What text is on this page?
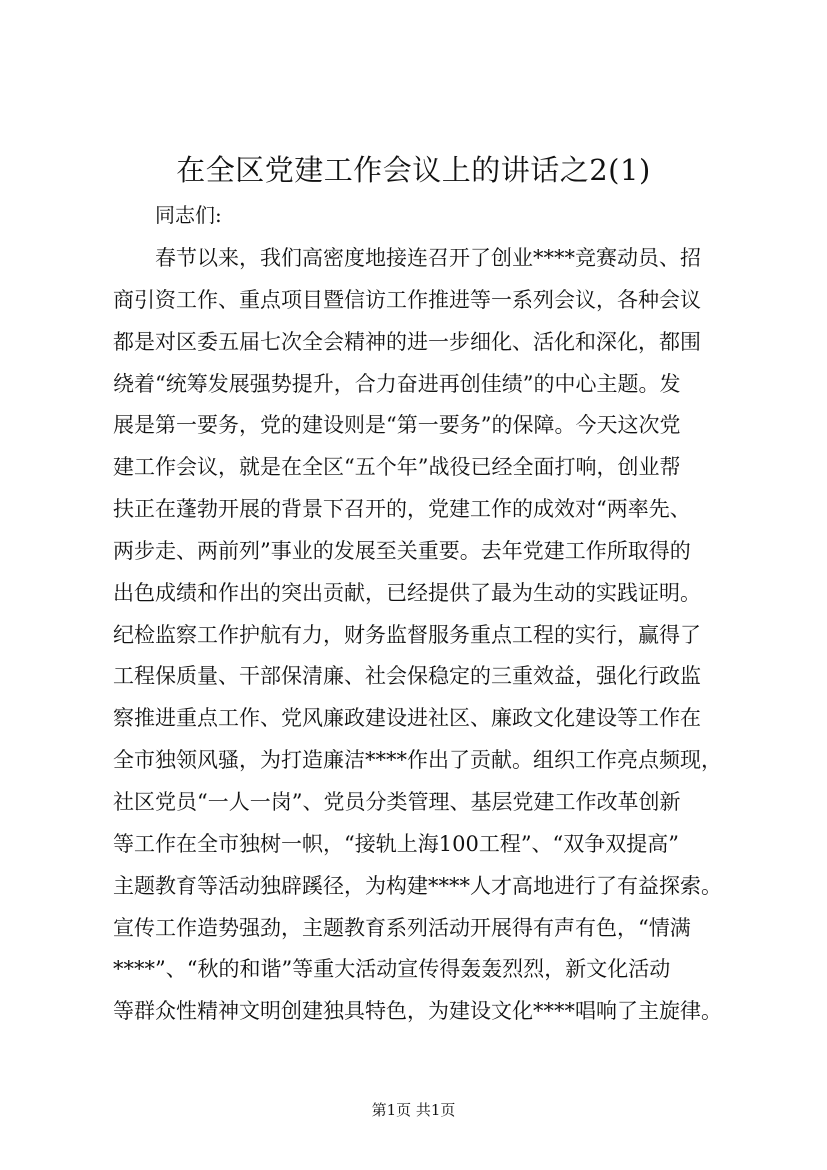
在全区党建工作会议上的讲话之2(1)
同志们:
春节以来，我们高密度地接连召开了创业****竞赛动员、招
商引资工作、重点项目暨信访工作推进等一系列会议，各种会议
都是对区委五届七次全会精神的进一步细化、活化和深化，都围
绕着“统筹发展强势提升，合力奋进再创佳绩”的中心主题。发
展是第一要务，党的建设则是“第一要务”的保障。今天这次党
建工作会议，就是在全区“五个年”战役已经全面打响，创业帮
扶正在蓬勃开展的背景下召开的，党建工作的成效对“两率先、
两步走、两前列”事业的发展至关重要。去年党建工作所取得的
出色成绩和作出的突出贡献，已经提供了最为生动的实践证明。
纪检监察工作护航有力，财务监督服务重点工程的实行，赢得了
工程保质量、干部保清廉、社会保稳定的三重效益，强化行政监
察推进重点工作、党风廉政建设进社区、廉政文化建设等工作在
全市独领风骚，为打造廉洁****作出了贡献。组织工作亮点频现，
社区党员“一人一岗”、党员分类管理、基层党建工作改革创新
等工作在全市独树一帜，“接轨上海100工程”、“双争双提高”
主题教育等活动独辟蹊径，为构建****人才高地进行了有益探索。
宣传工作造势强劲，主题教育系列活动开展得有声有色，“情满
****”、“秋的和谐”等重大活动宣传得轰轰烈烈，新文化活动
等群众性精神文明创建独具特色，为建设文化****唱响了主旋律。
第1页 共1页
